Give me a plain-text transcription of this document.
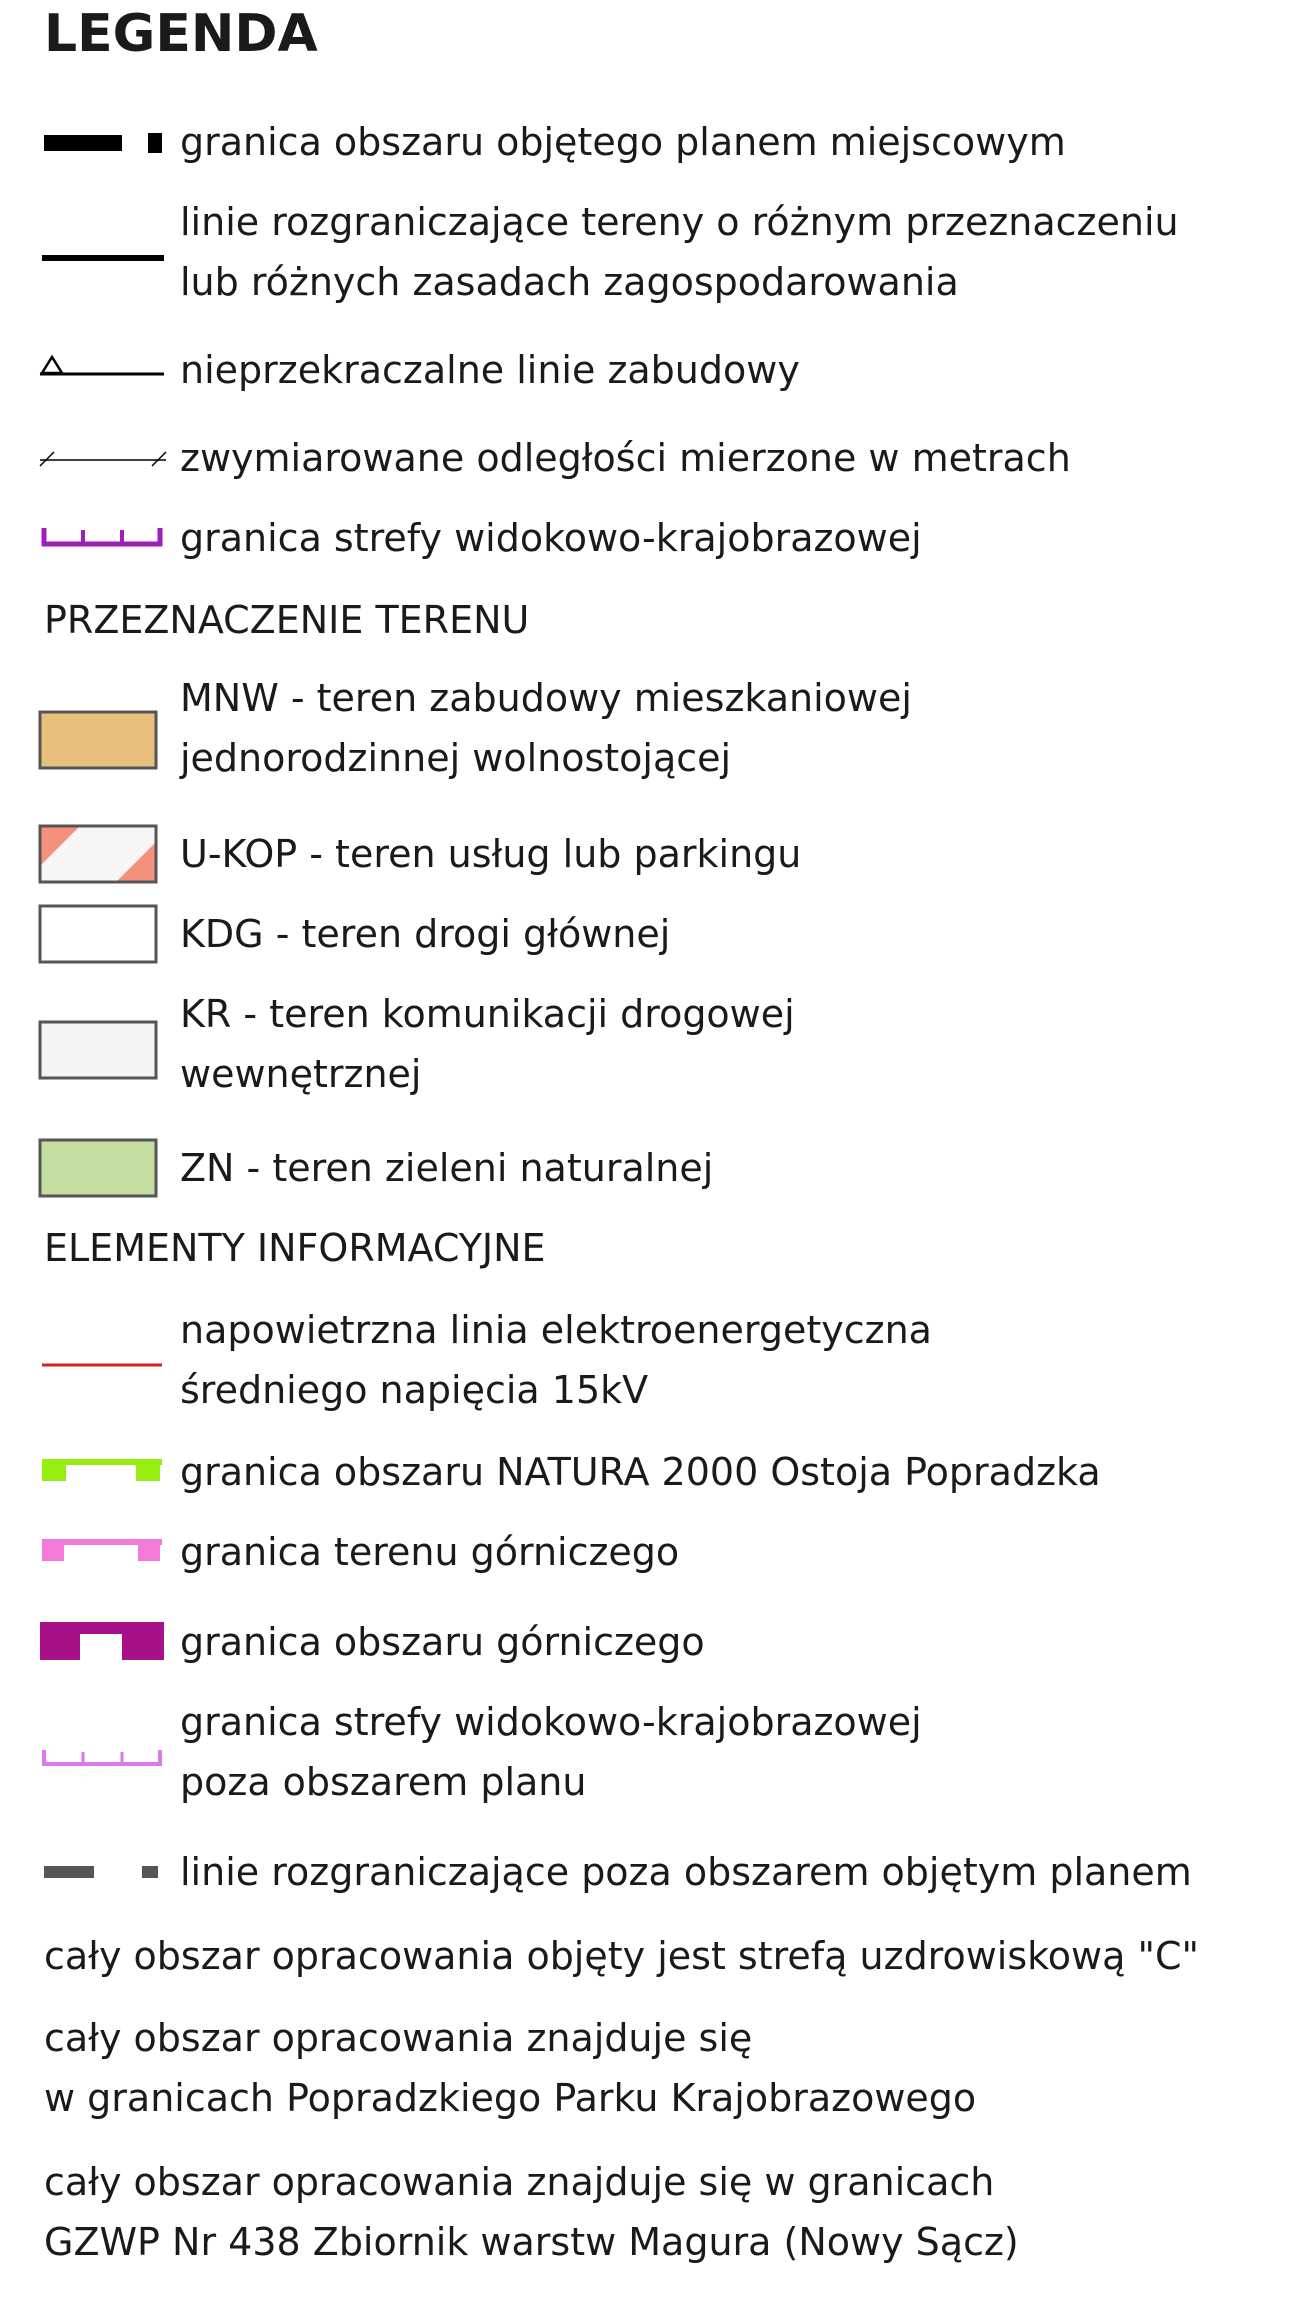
LEGENDA
granica obszaru objętego planem miejscowym
linie rozgraniczające tereny o różnym przeznaczeniu
lub różnych zasadach zagospodarowania
nieprzekraczalne linie zabudowy
zwymiarowane odległości mierzone w metrach
granica strefy widokowo-krajobrazowej
PRZEZNACZENIE TERENU
MNW - teren zabudowy mieszkaniowej
jednorodzinnej wolnostojącej
U-KOP - teren usług lub parkingu
KDG - teren drogi głównej
KR - teren komunikacji drogowej
wewnętrznej
ZN - teren zieleni naturalnej
ELEMENTY INFORMACYJNE
napowietrzna linia elektroenergetyczna
średniego napięcia 15kV
granica obszaru NATURA 2000 Ostoja Popradzka
granica terenu górniczego
granica obszaru górniczego
granica strefy widokowo-krajobrazowej
poza obszarem planu
linie rozgraniczające poza obszarem objętym planem
cały obszar opracowania objęty jest strefą uzdrowiskową "C"
cały obszar opracowania znajduje się
w granicach Popradzkiego Parku Krajobrazowego
cały obszar opracowania znajduje się w granicach
GZWP Nr 438 Zbiornik warstw Magura (Nowy Sącz)
